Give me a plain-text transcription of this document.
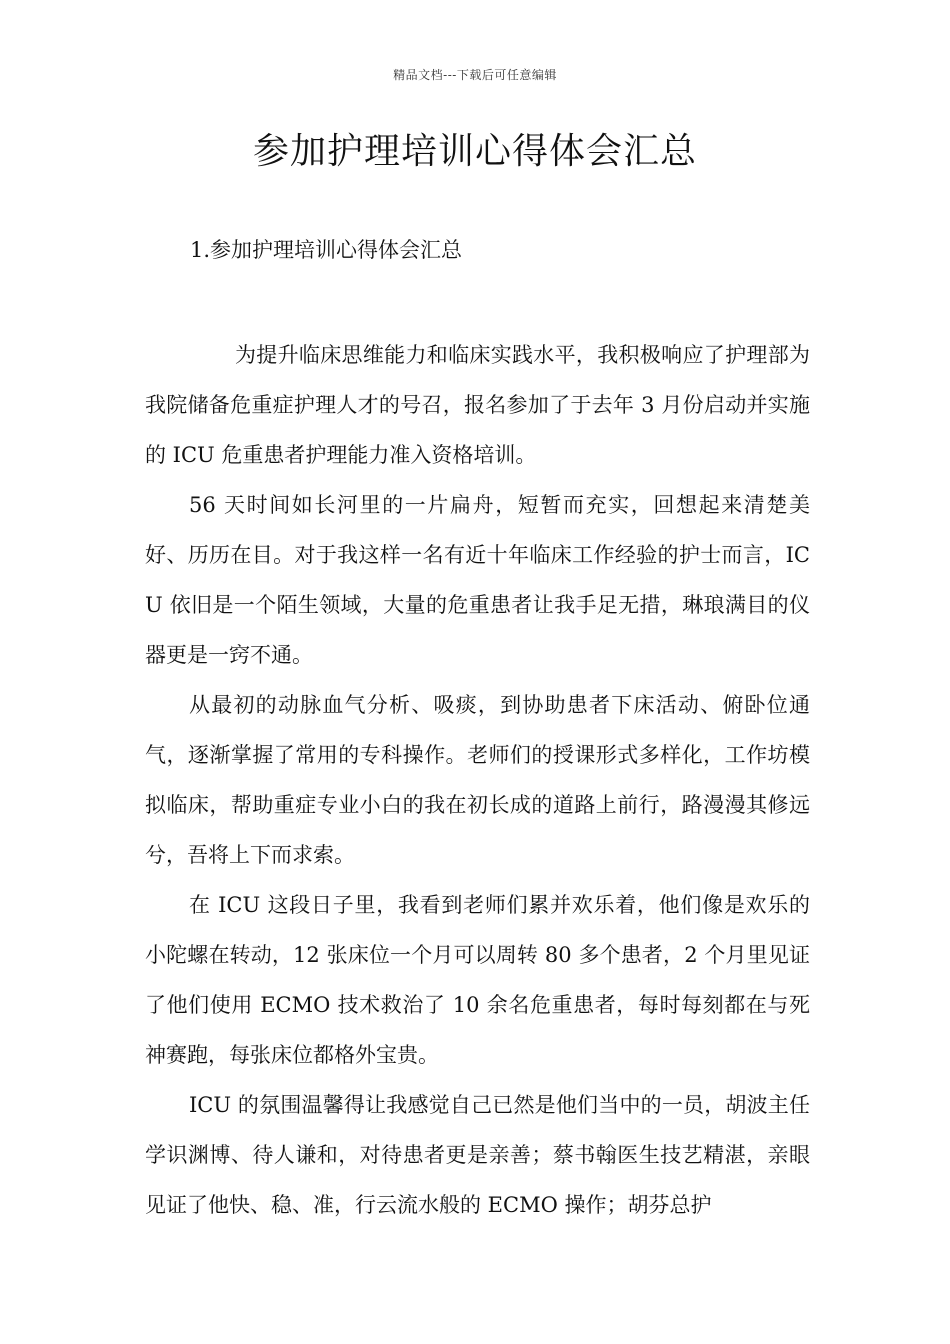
精品文档---下载后可任意编辑
参加护理培训心得体会汇总

1.参加护理培训心得体会汇总

为提升临床思维能力和临床实践水平，我积极响应了护理部为我院储备危重症护理人才的号召，报名参加了于去年 3 月份启动并实施的 ICU 危重患者护理能力准入资格培训。

56 天时间如长河里的一片扁舟，短暂而充实，回想起来清楚美好、历历在目。对于我这样一名有近十年临床工作经验的护士而言，ICU 依旧是一个陌生领域，大量的危重患者让我手足无措，琳琅满目的仪器更是一窍不通。

从最初的动脉血气分析、吸痰，到协助患者下床活动、俯卧位通气，逐渐掌握了常用的专科操作。老师们的授课形式多样化，工作坊模拟临床，帮助重症专业小白的我在初长成的道路上前行，路漫漫其修远兮，吾将上下而求索。

在 ICU 这段日子里，我看到老师们累并欢乐着，他们像是欢乐的小陀螺在转动，12 张床位一个月可以周转 80 多个患者，2 个月里见证了他们使用 ECMO 技术救治了 10 余名危重患者，每时每刻都在与死神赛跑，每张床位都格外宝贵。

ICU 的氛围温馨得让我感觉自己已然是他们当中的一员，胡波主任学识渊博、待人谦和，对待患者更是亲善；蔡书翰医生技艺精湛，亲眼见证了他快、稳、准，行云流水般的 ECMO 操作；胡芬总护
